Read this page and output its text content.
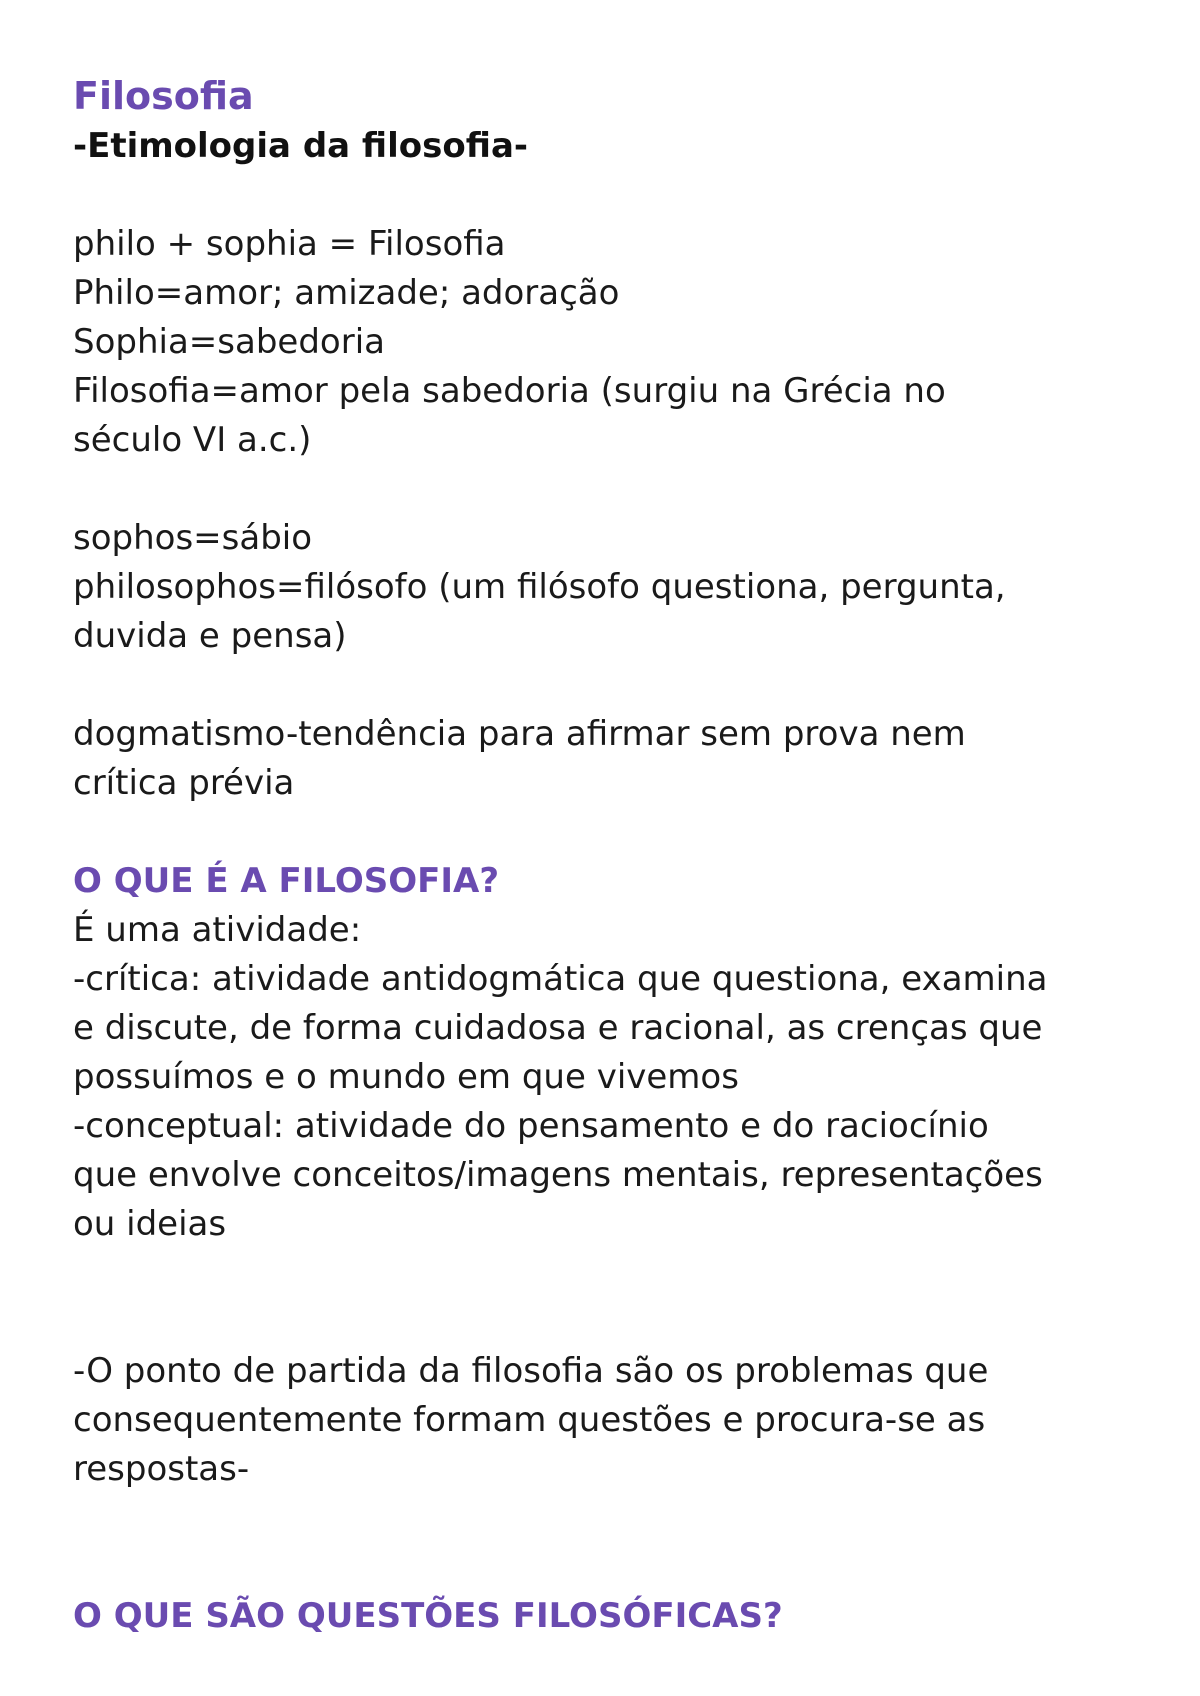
Filosofia

-Etimologia da filosofia-

philo + sophia = Filosofia

Philo=amor; amizade; adoração

Sophia=sabedoria

Filosofia=amor pela sabedoria (surgiu na Grécia no

século VI a.c.)

sophos=sábio

philosophos=filósofo (um filósofo questiona, pergunta,

duvida e pensa)

dogmatismo-tendência para afirmar sem prova nem

crítica prévia

O QUE É A FILOSOFIA?

É uma atividade:

-crítica: atividade antidogmática que questiona, examina

e discute, de forma cuidadosa e racional, as crenças que

possuímos e o mundo em que vivemos

-conceptual: atividade do pensamento e do raciocínio

que envolve conceitos/imagens mentais, representações

ou ideias

-O ponto de partida da filosofia são os problemas que

consequentemente formam questões e procura-se as

respostas-

O QUE SÃO QUESTÕES FILOSÓFICAS?
